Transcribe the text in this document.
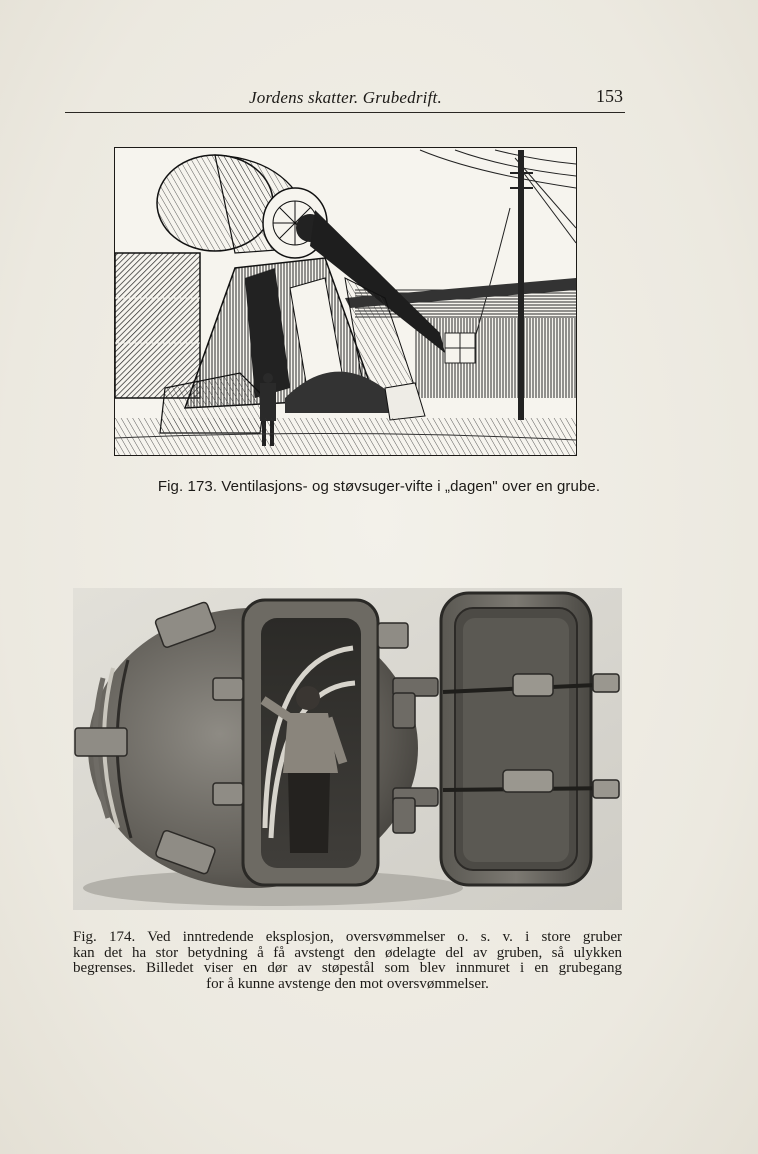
Jordens skatter. Grubedrift.	153
Fig. 173. Ventilasjons- og støvsuger-vifte i „dagen" over en grube.
Fig. 174. Ved inntredende eksplosjon, oversvømmelser o. s. v. i store gruber
kan det ha stor betydning å få avstengt den ødelagte del av gruben, så ulykken
begrenses. Billedet viser en dør av støpestål som blev innmuret i en grubegang
for å kunne avstenge den mot oversvømmelser.
